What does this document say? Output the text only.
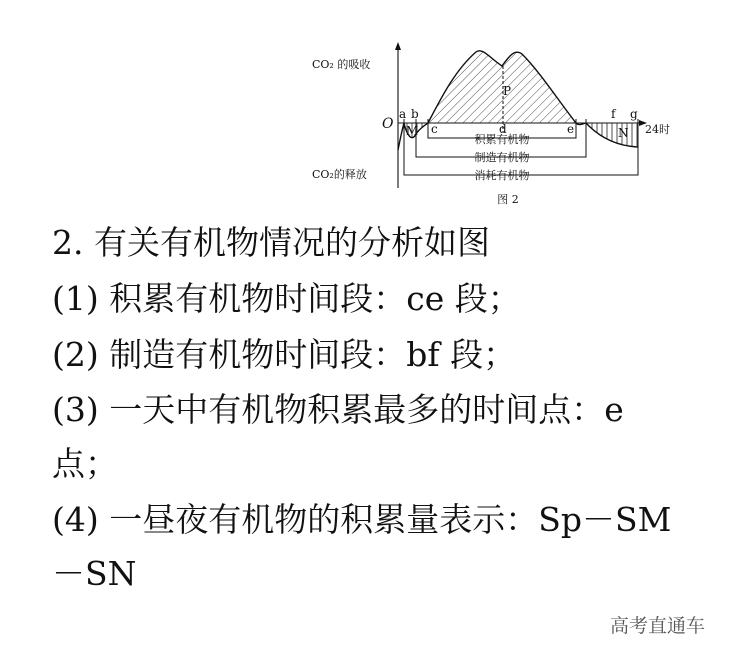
CO₂ 的吸收
CO₂的释放
O	24时
a b
c	d	e
f g
P
M	N
积累有机物
制造有机物
消耗有机物
图 2
2. 有关有机物情况的分析如图
(1) 积累有机物时间段：ce 段；
(2) 制造有机物时间段：bf 段；
(3) 一天中有机物积累最多的时间点：e
点；
(4) 一昼夜有机物的积累量表示：Sp－SM
－SN
高考直通车
